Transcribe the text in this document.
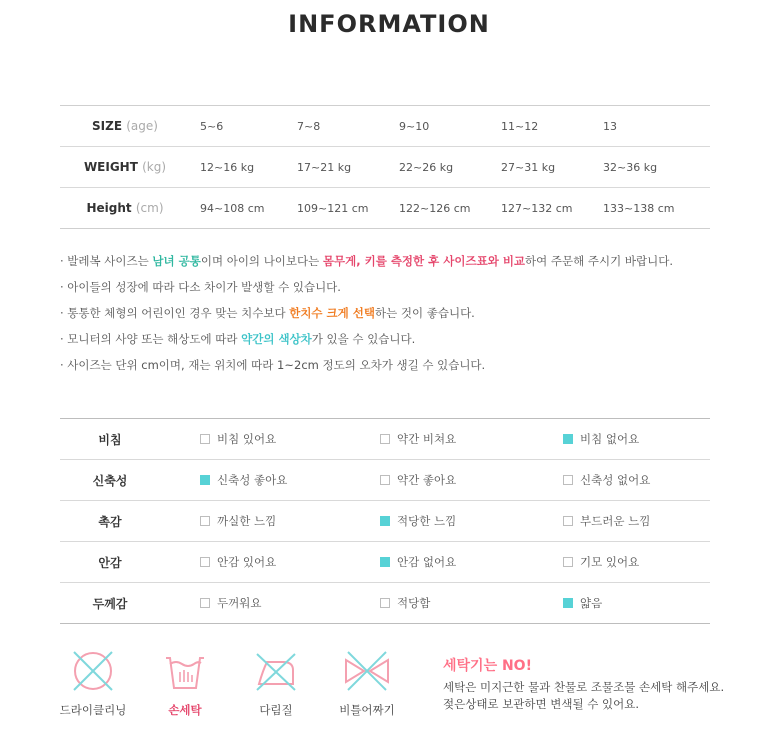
INFORMATION
SIZE (age)	5~6	7~8	9~10	11~12	13
WEIGHT (kg)	12~16 kg	17~21 kg	22~26 kg	27~31 kg	32~36 kg
Height (cm)	94~108 cm	109~121 cm	122~126 cm	127~132 cm	133~138 cm
· 발레복 사이즈는 남녀 공통이며 아이의 나이보다는 몸무게, 키를 측정한 후 사이즈표와 비교하여 주문해 주시기 바랍니다.
· 아이들의 성장에 따라 다소 차이가 발생할 수 있습니다.
· 통통한 체형의 어린이인 경우 맞는 치수보다 한치수 크게 선택하는 것이 좋습니다.
· 모니터의 사양 또는 해상도에 따라 약간의 색상차가 있을 수 있습니다.
· 사이즈는 단위 cm이며, 재는 위치에 따라 1~2cm 정도의 오차가 생길 수 있습니다.
비침	비침 있어요	약간 비쳐요	비침 없어요
신축성	신축성 좋아요	약간 좋아요	신축성 없어요
촉감	까실한 느낌	적당한 느낌	부드러운 느낌
안감	안감 있어요	안감 없어요	기모 있어요
두께감	두꺼워요	적당함	얇음
드라이클리닝	손세탁	다림질	비틀어짜기
세탁기는 NO!
세탁은 미지근한 물과 찬물로 조물조물 손세탁 해주세요.
젖은상태로 보관하면 변색될 수 있어요.
